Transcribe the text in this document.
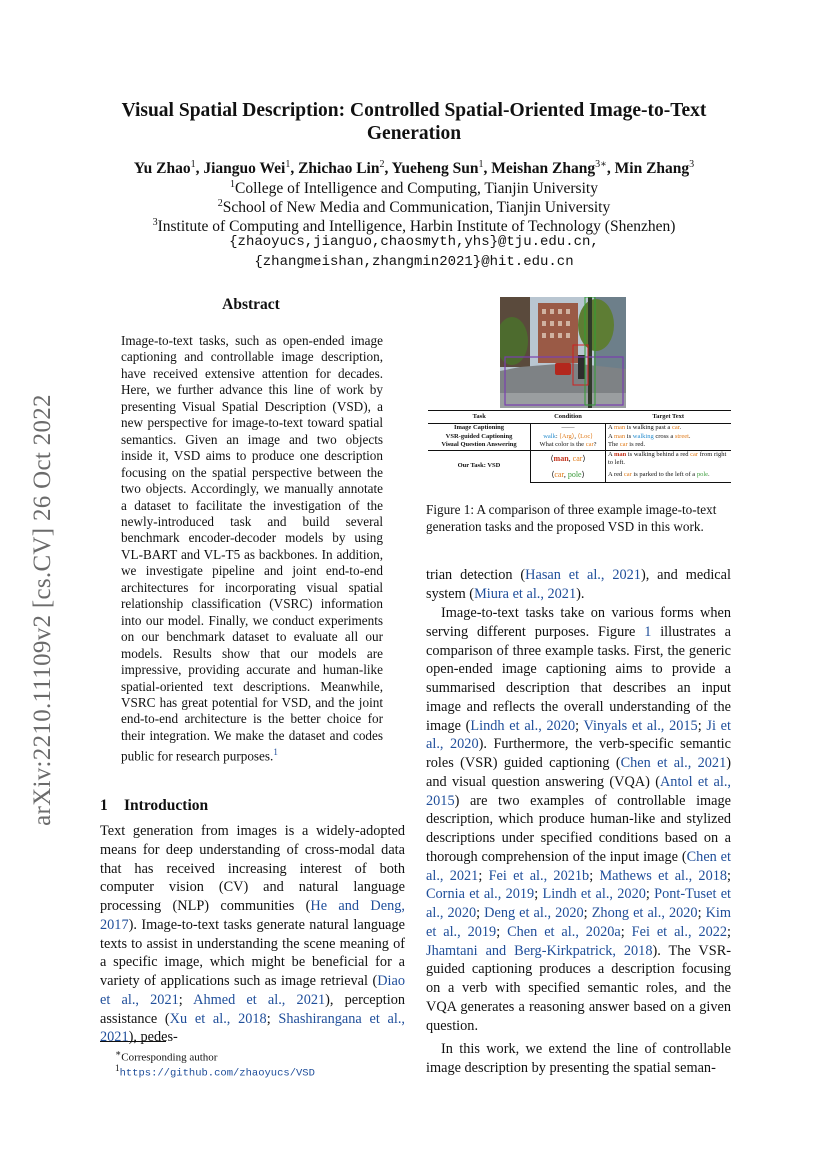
arXiv:2210.11109v2 [cs.CV] 26 Oct 2022
Visual Spatial Description: Controlled Spatial-Oriented Image-to-Text Generation
Yu Zhao$^1$, Jianguo Wei$^1$, Zhichao Lin$^2$, Yueheng Sun$^1$, Meishan Zhang$^{3∗}$, Min Zhang$^3$
$^1$College of Intelligence and Computing, Tianjin University
$^2$School of New Media and Communication, Tianjin University
$^3$Institute of Computing and Intelligence, Harbin Institute of Technology (Shenzhen)
{zhaoyucs,jianguo,chaosmyth,yhs}@tju.edu.cn,
{zhangmeishan,zhangmin2021}@hit.edu.cn
Abstract
Image-to-text tasks, such as open-ended image captioning and controllable image description, have received extensive attention for decades. Here, we further advance this line of work by presenting Visual Spatial Description (VSD), a new perspective for image-to-text toward spatial semantics. Given an image and two objects inside it, VSD aims to produce one description focusing on the spatial perspective between the two objects. Accordingly, we manually annotate a dataset to facilitate the investigation of the newly-introduced task and build several benchmark encoder-decoder models by using VL-BART and VL-T5 as backbones. In addition, we investigate pipeline and joint end-to-end architectures for incorporating visual spatial relationship classification (VSRC) information into our model. Finally, we conduct experiments on our benchmark dataset to evaluate all our models. Results show that our models are impressive, providing accurate and human-like spatial-oriented text descriptions. Meanwhile, VSRC has great potential for VSD, and the joint end-to-end architecture is the better choice for their integration. We make the dataset and codes public for research purposes.$^1$
1 Introduction
Text generation from images is a widely-adopted means for deep understanding of cross-modal data that has received increasing interest of both computer vision (CV) and natural language processing (NLP) communities (He and Deng, 2017). Image-to-text tasks generate natural language texts to assist in understanding the scene meaning of a specific image, which might be beneficial for a variety of applications such as image retrieval (Diao et al., 2021; Ahmed et al., 2021), perception assistance (Xu et al., 2018; Shashirangana et al., 2021), pedes-
trian detection (Hasan et al., 2021), and medical system (Miura et al., 2021).
Image-to-text tasks take on various forms when serving different purposes. Figure 1 illustrates a comparison of three example tasks. First, the generic open-ended image captioning aims to provide a summarised description that describes an input image and reflects the overall understanding of the image (Lindh et al., 2020; Vinyals et al., 2015; Ji et al., 2020). Furthermore, the verb-specific semantic roles (VSR) guided captioning (Chen et al., 2021) and visual question answering (VQA) (Antol et al., 2015) are two examples of controllable image description, which produce human-like and stylized descriptions under specified conditions based on a thorough comprehension of the input image (Chen et al., 2021; Fei et al., 2021b; Mathews et al., 2018; Cornia et al., 2019; Lindh et al., 2020; Pont-Tuset et al., 2020; Deng et al., 2020; Zhong et al., 2020; Kim et al., 2019; Chen et al., 2020a; Fei et al., 2022; Jhamtani and Berg-Kirkpatrick, 2018). The VSR-guided captioning produces a description focusing on a verb with specified semantic roles, and the VQA generates a reasoning answer based on a given question.
In this work, we extend the line of controllable image description by presenting the spatial seman-
∗Corresponding author
$^1$https://github.com/zhaoyucs/VSD
Task	Condition	Target Text
Image Captioning	——	A man is walking past a car.
VSR-guided Captioning	walk: ⟨Arg⟩, ⟨Loc⟩	A man is walking cross a street.
Visual Question Answering	What color is the car?	The car is red.
Our Task: VSD	⟨man, car⟩	A man is walking behind a red car from right to left.
	⟨car, pole⟩	A red car is parked to the left of a pole.
Figure 1: A comparison of three example image-to-text generation tasks and the proposed VSD in this work.
